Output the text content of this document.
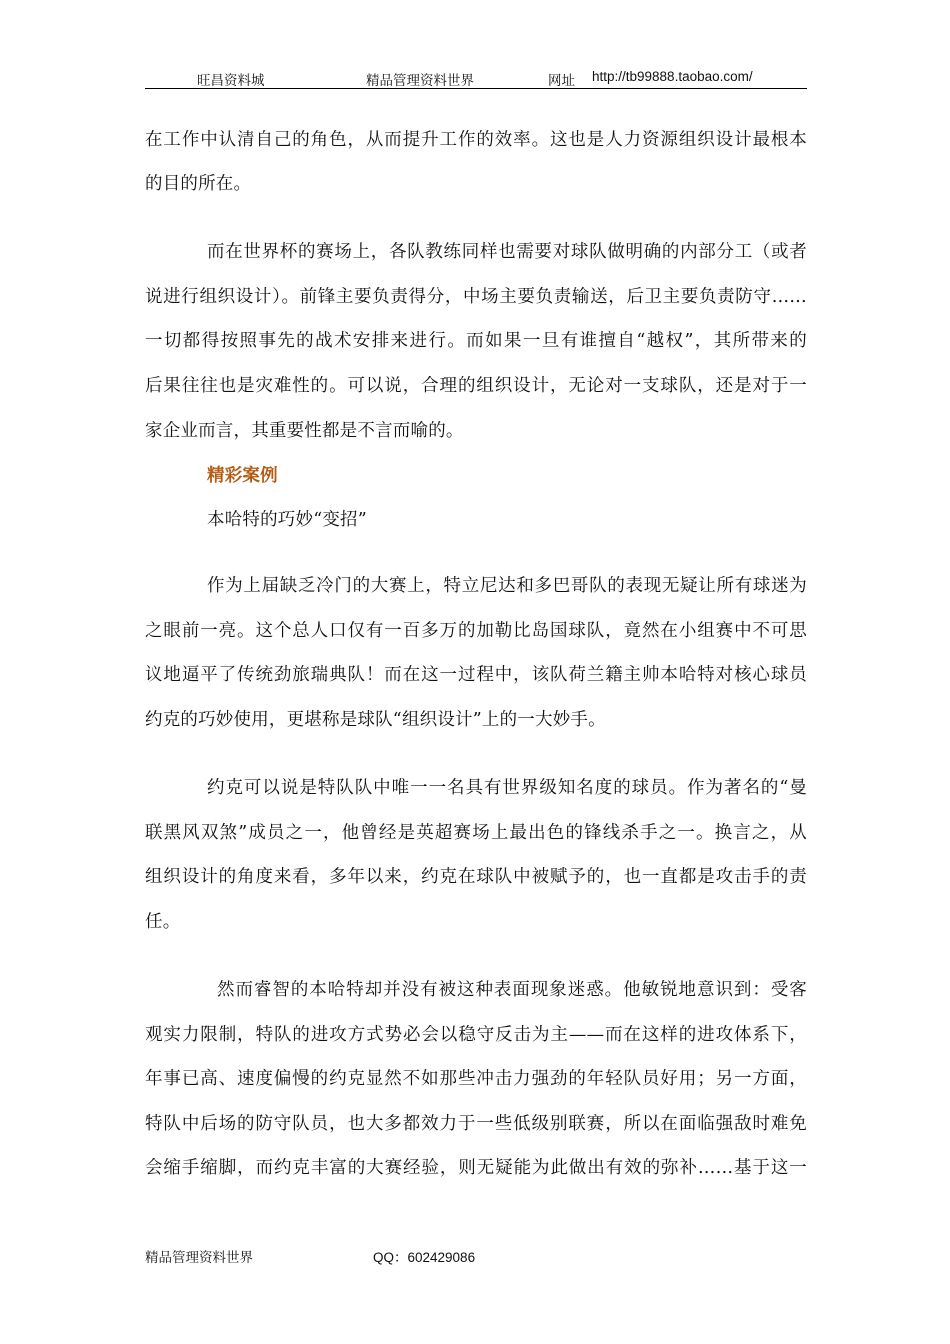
旺昌资料城	精品管理资料世界	网址 http://tb99888.taobao.com/
在工作中认清自己的角色，从而提升工作的效率。这也是人力资源组织设计最根本
的目的所在。
而在世界杯的赛场上，各队教练同样也需要对球队做明确的内部分工（或者
说进行组织设计）。前锋主要负责得分，中场主要负责输送，后卫主要负责防守……
一切都得按照事先的战术安排来进行。而如果一旦有谁擅自“越权”，其所带来的
后果往往也是灾难性的。可以说，合理的组织设计，无论对一支球队，还是对于一
家企业而言，其重要性都是不言而喻的。
精彩案例
本哈特的巧妙“变招”
作为上届缺乏冷门的大赛上，特立尼达和多巴哥队的表现无疑让所有球迷为
之眼前一亮。这个总人口仅有一百多万的加勒比岛国球队，竟然在小组赛中不可思
议地逼平了传统劲旅瑞典队！而在这一过程中，该队荷兰籍主帅本哈特对核心球员
约克的巧妙使用，更堪称是球队“组织设计”上的一大妙手。
约克可以说是特队队中唯一一名具有世界级知名度的球员。作为著名的“曼
联黑风双煞”成员之一，他曾经是英超赛场上最出色的锋线杀手之一。换言之，从
组织设计的角度来看，多年以来，约克在球队中被赋予的，也一直都是攻击手的责
任。
然而睿智的本哈特却并没有被这种表面现象迷惑。他敏锐地意识到：受客
观实力限制，特队的进攻方式势必会以稳守反击为主——而在这样的进攻体系下，
年事已高、速度偏慢的约克显然不如那些冲击力强劲的年轻队员好用；另一方面，
特队中后场的防守队员，也大多都效力于一些低级别联赛，所以在面临强敌时难免
会缩手缩脚，而约克丰富的大赛经验，则无疑能为此做出有效的弥补……基于这一
精品管理资料世界	QQ：602429086
